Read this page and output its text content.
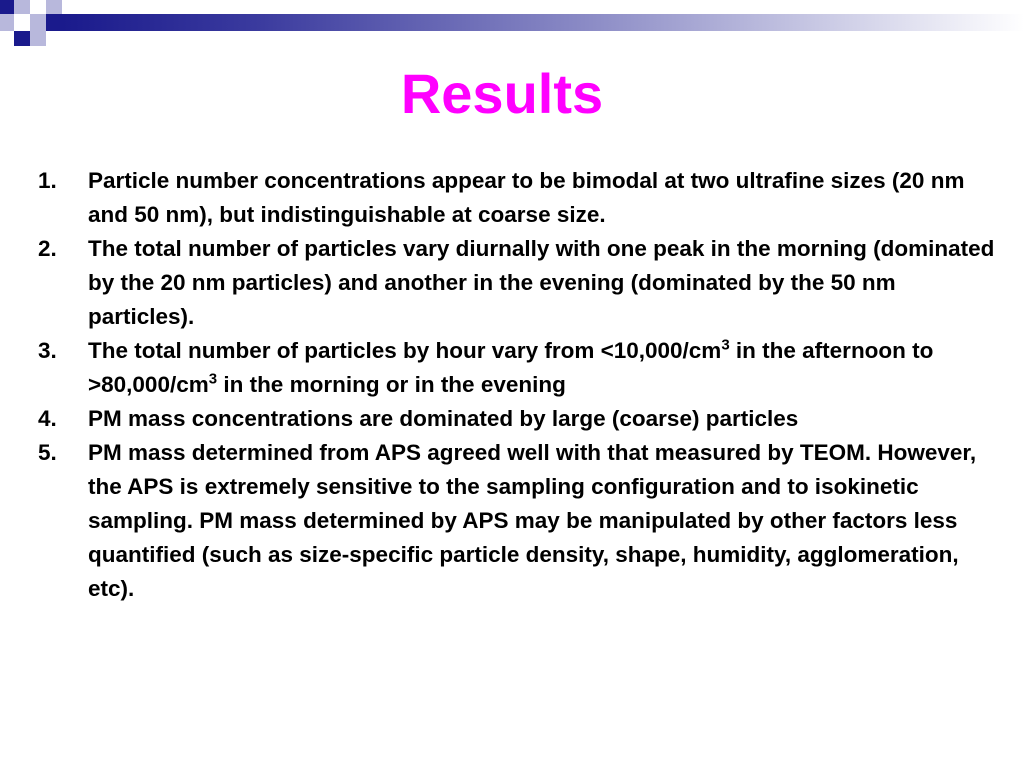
Results
1.	Particle number concentrations appear to be bimodal at two ultrafine sizes (20 nm and 50 nm), but indistinguishable at coarse size.
2.	The total number of particles vary diurnally with one peak in the morning (dominated by the 20 nm particles) and another in the evening (dominated by the 50 nm particles).
3.	The total number of particles by hour vary from $<10,000/cm^3$ in the afternoon to $>80,000/cm^3$ in the morning or in the evening
4.	PM mass concentrations are dominated by large (coarse) particles
5.	PM mass determined from APS agreed well with that measured by TEOM. However, the APS is extremely sensitive to the sampling configuration and to isokinetic sampling. PM mass determined by APS may be manipulated by other factors less quantified (such as size-specific particle density, shape, humidity, agglomeration, etc).
